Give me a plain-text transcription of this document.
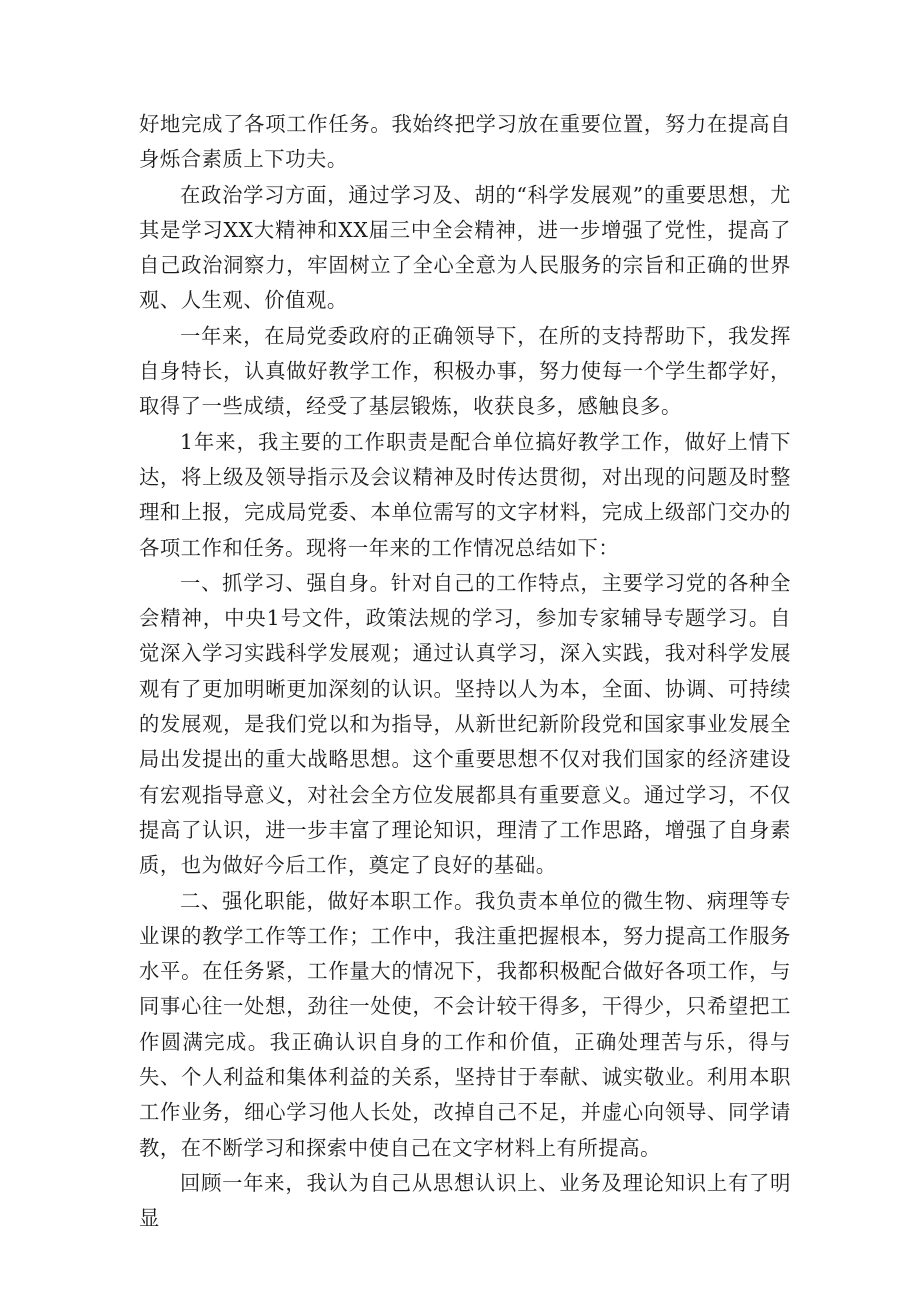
好地完成了各项工作任务。我始终把学习放在重要位置，努力在提高自身烁合素质上下功夫。

在政治学习方面，通过学习及、胡的“科学发展观”的重要思想，尤其是学习XX大精神和XX届三中全会精神，进一步增强了党性，提高了自己政治洞察力，牢固树立了全心全意为人民服务的宗旨和正确的世界观、人生观、价值观。

一年来，在局党委政府的正确领导下，在所的支持帮助下，我发挥自身特长，认真做好教学工作，积极办事，努力使每一个学生都学好，取得了一些成绩，经受了基层锻炼，收获良多，感触良多。

1年来，我主要的工作职责是配合单位搞好教学工作，做好上情下达，将上级及领导指示及会议精神及时传达贯彻，对出现的问题及时整理和上报，完成局党委、本单位需写的文字材料，完成上级部门交办的各项工作和任务。现将一年来的工作情况总结如下：

一、抓学习、强自身。针对自己的工作特点，主要学习党的各种全会精神，中央1号文件，政策法规的学习，参加专家辅导专题学习。自觉深入学习实践科学发展观；通过认真学习，深入实践，我对科学发展观有了更加明晰更加深刻的认识。坚持以人为本，全面、协调、可持续的发展观，是我们党以和为指导，从新世纪新阶段党和国家事业发展全局出发提出的重大战略思想。这个重要思想不仅对我们国家的经济建设有宏观指导意义，对社会全方位发展都具有重要意义。通过学习，不仅提高了认识，进一步丰富了理论知识，理清了工作思路，增强了自身素质，也为做好今后工作，奠定了良好的基础。

二、强化职能，做好本职工作。我负责本单位的微生物、病理等专业课的教学工作等工作；工作中，我注重把握根本，努力提高工作服务水平。在任务紧，工作量大的情况下，我都积极配合做好各项工作，与同事心往一处想，劲往一处使，不会计较干得多，干得少，只希望把工作圆满完成。我正确认识自身的工作和价值，正确处理苦与乐，得与失、个人利益和集体利益的关系，坚持甘于奉献、诚实敬业。利用本职工作业务，细心学习他人长处，改掉自己不足，并虚心向领导、同学请教，在不断学习和探索中使自己在文字材料上有所提高。

回顾一年来，我认为自己从思想认识上、业务及理论知识上有了明显
